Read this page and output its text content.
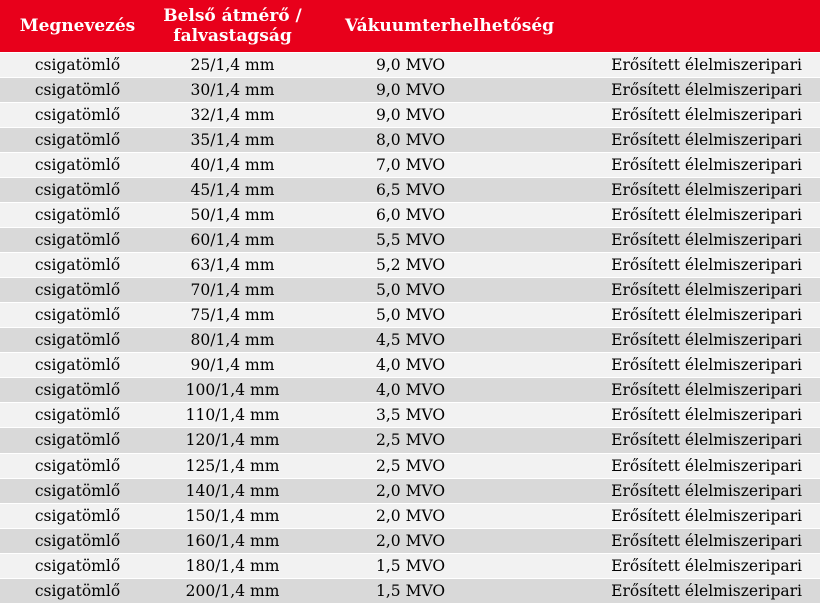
Megnevezés	Belső átmérő / falvastagság	Vákuumterhelhetőség	
csigatömlő	25/1,4 mm	9,0 MVO	Erősített élelmiszeripari
csigatömlő	30/1,4 mm	9,0 MVO	Erősített élelmiszeripari
csigatömlő	32/1,4 mm	9,0 MVO	Erősített élelmiszeripari
csigatömlő	35/1,4 mm	8,0 MVO	Erősített élelmiszeripari
csigatömlő	40/1,4 mm	7,0 MVO	Erősített élelmiszeripari
csigatömlő	45/1,4 mm	6,5 MVO	Erősített élelmiszeripari
csigatömlő	50/1,4 mm	6,0 MVO	Erősített élelmiszeripari
csigatömlő	60/1,4 mm	5,5 MVO	Erősített élelmiszeripari
csigatömlő	63/1,4 mm	5,2 MVO	Erősített élelmiszeripari
csigatömlő	70/1,4 mm	5,0 MVO	Erősített élelmiszeripari
csigatömlő	75/1,4 mm	5,0 MVO	Erősített élelmiszeripari
csigatömlő	80/1,4 mm	4,5 MVO	Erősített élelmiszeripari
csigatömlő	90/1,4 mm	4,0 MVO	Erősített élelmiszeripari
csigatömlő	100/1,4 mm	4,0 MVO	Erősített élelmiszeripari
csigatömlő	110/1,4 mm	3,5 MVO	Erősített élelmiszeripari
csigatömlő	120/1,4 mm	2,5 MVO	Erősített élelmiszeripari
csigatömlő	125/1,4 mm	2,5 MVO	Erősített élelmiszeripari
csigatömlő	140/1,4 mm	2,0 MVO	Erősített élelmiszeripari
csigatömlő	150/1,4 mm	2,0 MVO	Erősített élelmiszeripari
csigatömlő	160/1,4 mm	2,0 MVO	Erősített élelmiszeripari
csigatömlő	180/1,4 mm	1,5 MVO	Erősített élelmiszeripari
csigatömlő	200/1,4 mm	1,5 MVO	Erősített élelmiszeripari
